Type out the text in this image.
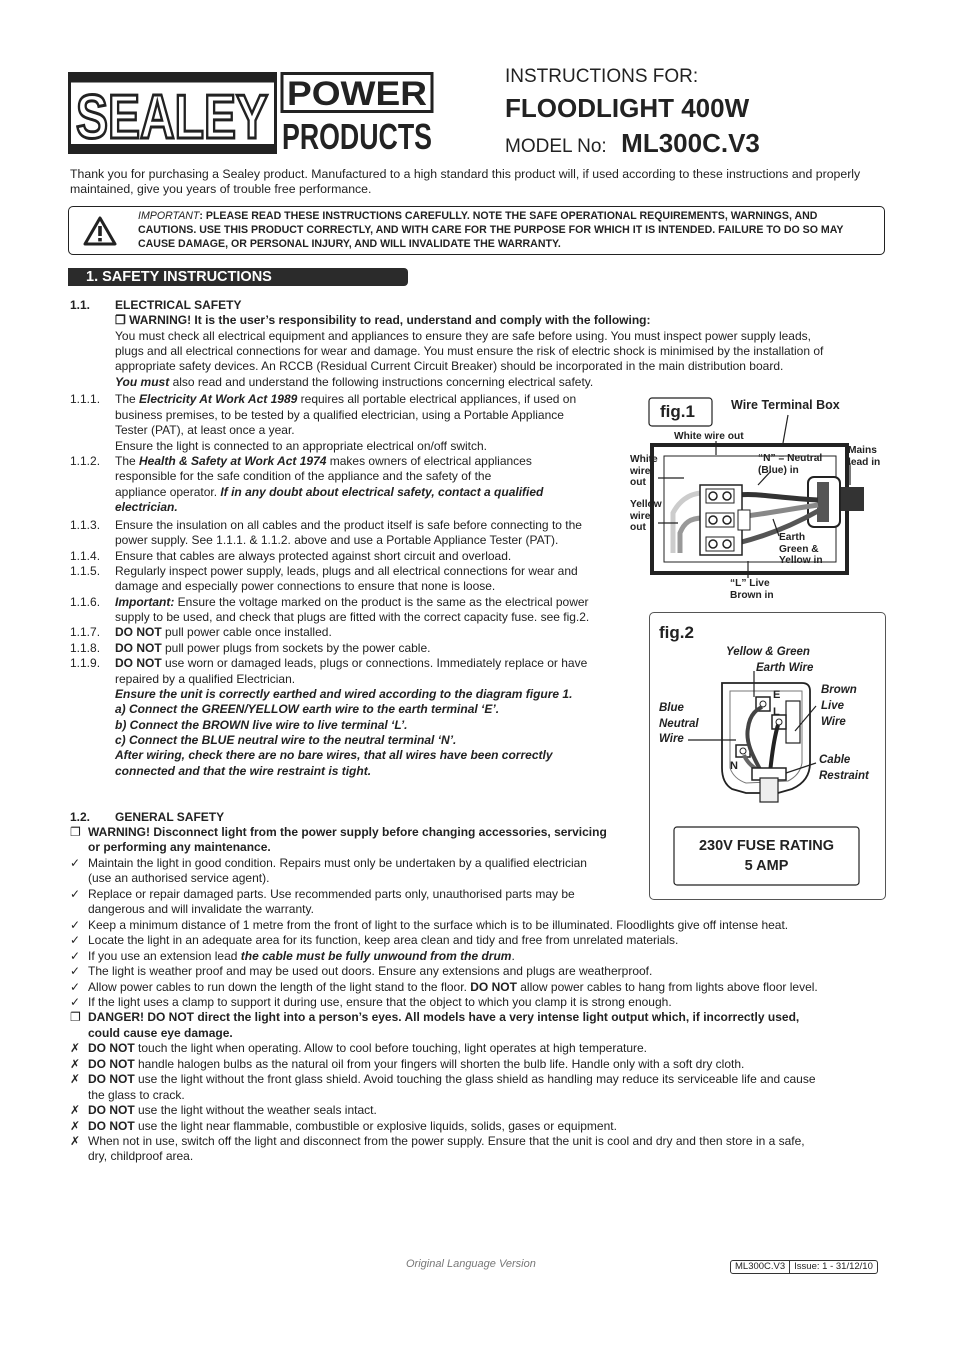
SEALEY POWER
PRODUCTS
INSTRUCTIONS FOR:
FLOODLIGHT 400W
MODEL No: ML300C.V3
Thank you for purchasing a Sealey product. Manufactured to a high standard this product will, if used according to these instructions and properly maintained, give you years of trouble free performance.
IMPORTANT: PLEASE READ THESE INSTRUCTIONS CAREFULLY. NOTE THE SAFE OPERATIONAL REQUIREMENTS, WARNINGS, AND CAUTIONS. USE THIS PRODUCT CORRECTLY, AND WITH CARE FOR THE PURPOSE FOR WHICH IT IS INTENDED. FAILURE TO DO SO MAY CAUSE DAMAGE, OR PERSONAL INJURY, AND WILL INVALIDATE THE WARRANTY.
1. SAFETY INSTRUCTIONS
1.1. ELECTRICAL SAFETY
❐ WARNING! It is the user’s responsibility to read, understand and comply with the following:
You must check all electrical equipment and appliances to ensure they are safe before using. You must inspect power supply leads,
plugs and all electrical connections for wear and damage. You must ensure the risk of electric shock is minimised by the installation of
appropriate safety devices. An RCCB (Residual Current Circuit Breaker) should be incorporated in the main distribution board.
You must also read and understand the following instructions concerning electrical safety.
1.1.1. The Electricity At Work Act 1989 requires all portable electrical appliances, if used on
business premises, to be tested by a qualified electrician, using a Portable Appliance
Tester (PAT), at least once a year.
Ensure the light is connected to an appropriate electrical on/off switch.
1.1.2. The Health & Safety at Work Act 1974 makes owners of electrical appliances
responsible for the safe condition of the appliance and the safety of the
appliance operator. If in any doubt about electrical safety, contact a qualified
electrician.
1.1.3. Ensure the insulation on all cables and the product itself is safe before connecting to the
power supply. See 1.1.1. & 1.1.2. above and use a Portable Appliance Tester (PAT).
1.1.4. Ensure that cables are always protected against short circuit and overload.
1.1.5. Regularly inspect power supply, leads, plugs and all electrical connections for wear and
damage and especially power connections to ensure that none is loose.
1.1.6. Important: Ensure the voltage marked on the product is the same as the electrical power
supply to be used, and check that plugs are fitted with the correct capacity fuse. see fig.2.
1.1.7. DO NOT pull power cable once installed.
1.1.8. DO NOT pull power plugs from sockets by the power cable.
1.1.9. DO NOT use worn or damaged leads, plugs or connections. Immediately replace or have
repaired by a qualified Electrician.
Ensure the unit is correctly earthed and wired according to the diagram figure 1.
a) Connect the GREEN/YELLOW earth wire to the earth terminal ‘E’.
b) Connect the BROWN live wire to live terminal ‘L’.
c) Connect the BLUE neutral wire to the neutral terminal ‘N’.
After wiring, check there are no bare wires, that all wires have been correctly
connected and that the wire restraint is tight.
1.2. GENERAL SAFETY
❐ WARNING! Disconnect light from the power supply before changing accessories, servicing
or performing any maintenance.
✓ Maintain the light in good condition. Repairs must only be undertaken by a qualified electrician
(use an authorised service agent).
✓ Replace or repair damaged parts. Use recommended parts only, unauthorised parts may be
dangerous and will invalidate the warranty.
✓ Keep a minimum distance of 1 metre from the front of light to the surface which is to be illuminated. Floodlights give off intense heat.
✓ Locate the light in an adequate area for its function, keep area clean and tidy and free from unrelated materials.
✓ If you use an extension lead the cable must be fully unwound from the drum.
✓ The light is weather proof and may be used out doors. Ensure any extensions and plugs are weatherproof.
✓ Allow power cables to run down the length of the light stand to the floor. DO NOT allow power cables to hang from lights above floor level.
✓ If the light uses a clamp to support it during use, ensure that the object to which you clamp it is strong enough.
❐ DANGER! DO NOT direct the light into a person’s eyes. All models have a very intense light output which, if incorrectly used,
could cause eye damage.
✗ DO NOT touch the light when operating. Allow to cool before touching, light operates at high temperature.
✗ DO NOT handle halogen bulbs as the natural oil from your fingers will shorten the bulb life. Handle only with a soft dry cloth.
✗ DO NOT use the light without the front glass shield. Avoid touching the glass shield as handling may reduce its serviceable life and cause
the glass to crack.
✗ DO NOT use the light without the weather seals intact.
✗ DO NOT use the light near flammable, combustible or explosive liquids, solids, gases or equipment.
✗ When not in use, switch off the light and disconnect from the power supply. Ensure that the unit is cool and dry and then store in a safe,
dry, childproof area.
fig.1	Wire Terminal Box
White wire out
“N” = Neutral
(Blue) in
Mains
lead in
White
wire
out
Yellow
wire
out
Earth
Green &
Yellow in
“L” Live
Brown in
fig.2
Yellow & Green
Earth Wire
Brown
Live
Wire
Blue
Neutral
Wire
Cable
Restraint
E
L
N
230V FUSE RATING
5 AMP
Original Language Version	ML300C.V3 Issue: 1 - 31/12/10
